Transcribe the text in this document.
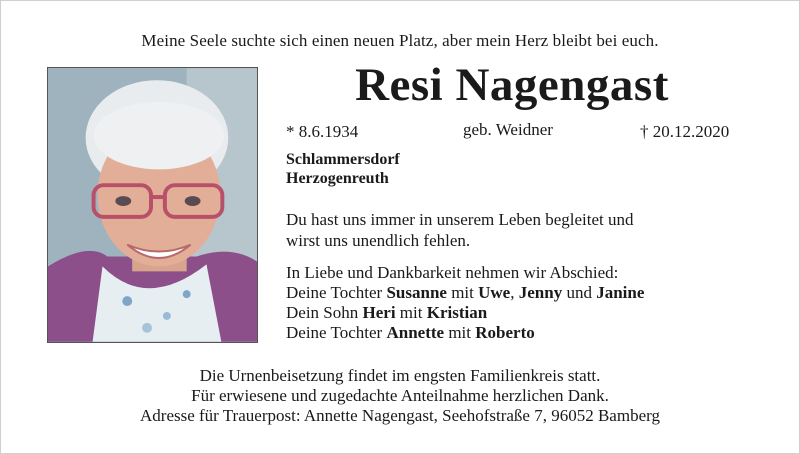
Meine Seele suchte sich einen neuen Platz, aber mein Herz bleibt bei euch.
Resi Nagengast
* 8.6.1934	geb. Weidner	† 20.12.2020
Schlammersdorf
Herzogenreuth
Du hast uns immer in unserem Leben begleitet und
wirst uns unendlich fehlen.
In Liebe und Dankbarkeit nehmen wir Abschied:
Deine Tochter Susanne mit Uwe, Jenny und Janine
Dein Sohn Heri mit Kristian
Deine Tochter Annette mit Roberto
Die Urnenbeisetzung findet im engsten Familienkreis statt.
Für erwiesene und zugedachte Anteilnahme herzlichen Dank.
Adresse für Trauerpost: Annette Nagengast, Seehofstraße 7, 96052 Bamberg
